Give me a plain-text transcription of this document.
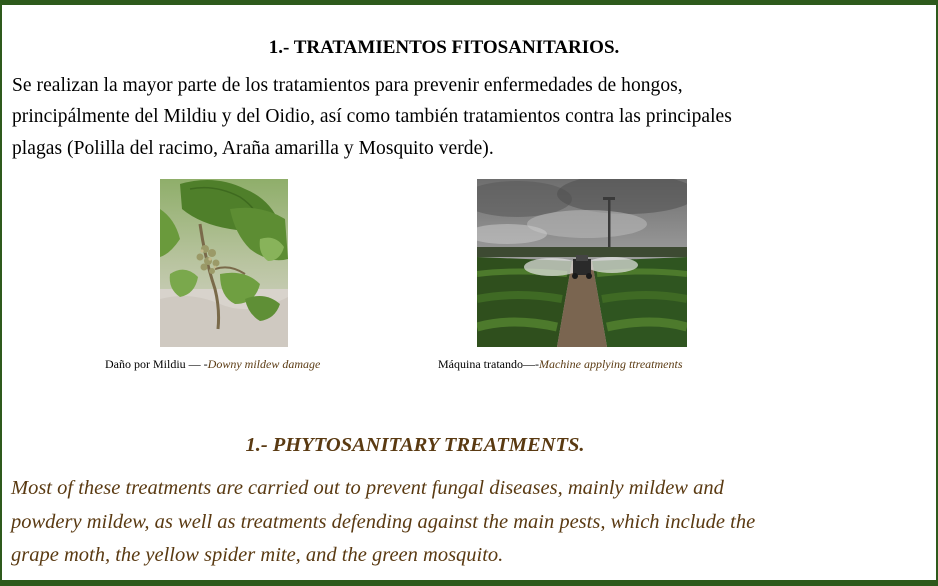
1.- TRATAMIENTOS FITOSANITARIOS.
Se realizan la mayor parte de los tratamientos para prevenir enfermedades de hongos,
principálmente del Mildiu y del Oidio, así como también tratamientos contra las principales
plagas (Polilla del racimo, Araña amarilla y Mosquito verde).
Daño por Mildiu — -Downy mildew damage	Máquina tratando—-Machine applying ttreatments
1.- PHYTOSANITARY TREATMENTS.
Most of these treatments are carried out to prevent fungal diseases, mainly mildew and
powdery mildew, as well as treatments defending against the main pests, which include the
grape moth, the yellow spider mite, and the green mosquito.
